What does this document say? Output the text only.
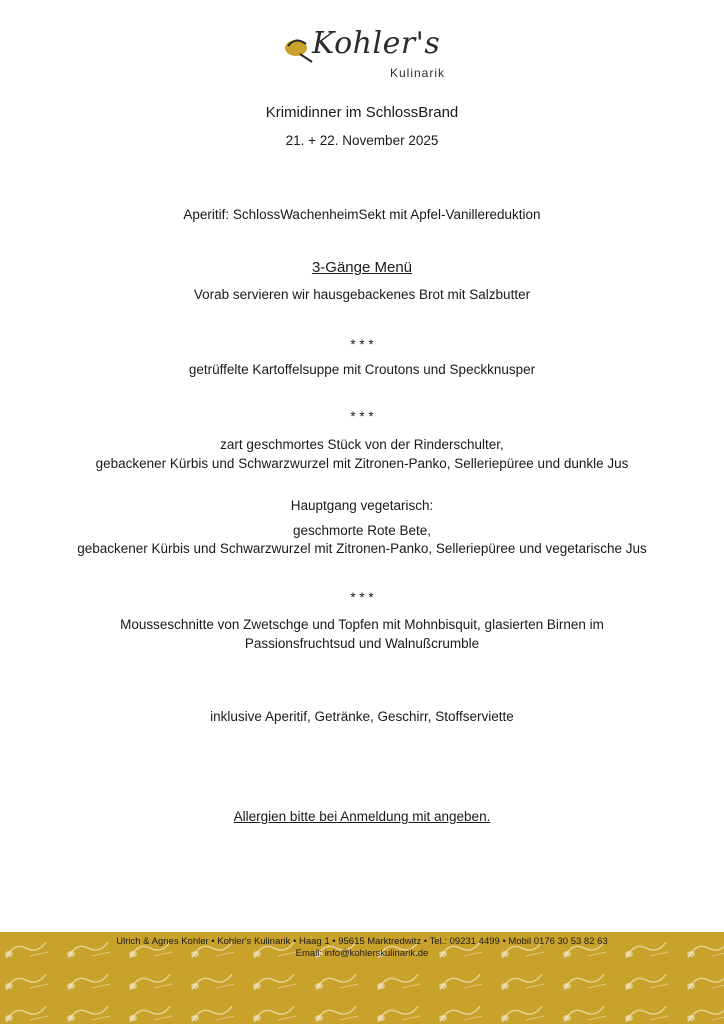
Kohler's
Kulinarik
Krimidinner im SchlossBrand
21. + 22. November 2025
Aperitif: SchlossWachenheimSekt mit Apfel-Vanillereduktion
3-Gänge Menü
Vorab servieren wir hausgebackenes Brot mit Salzbutter
* * *
getrüffelte Kartoffelsuppe mit Croutons und Speckknusper
* * *
zart geschmortes Stück von der Rinderschulter,
gebackener Kürbis und Schwarzwurzel mit Zitronen-Panko, Selleriepüree und dunkle Jus
Hauptgang vegetarisch:
geschmorte Rote Bete,
gebackener Kürbis und Schwarzwurzel mit Zitronen-Panko, Selleriepüree und vegetarische Jus
* * *
Mousseschnitte von Zwetschge und Topfen mit Mohnbisquit, glasierten Birnen im
Passionsfruchtsud und Walnußcrumble
inklusive Aperitif, Getränke, Geschirr, Stoffserviette
Allergien bitte bei Anmeldung mit angeben.
Ulrich & Agnes Kohler • Kohler's Kulinarik • Haag 1 • 95615 Marktredwitz • Tel.: 09231 4499 • Mobil 0176 30 53 82 63
Email: info@kohlerskulinarik.de
